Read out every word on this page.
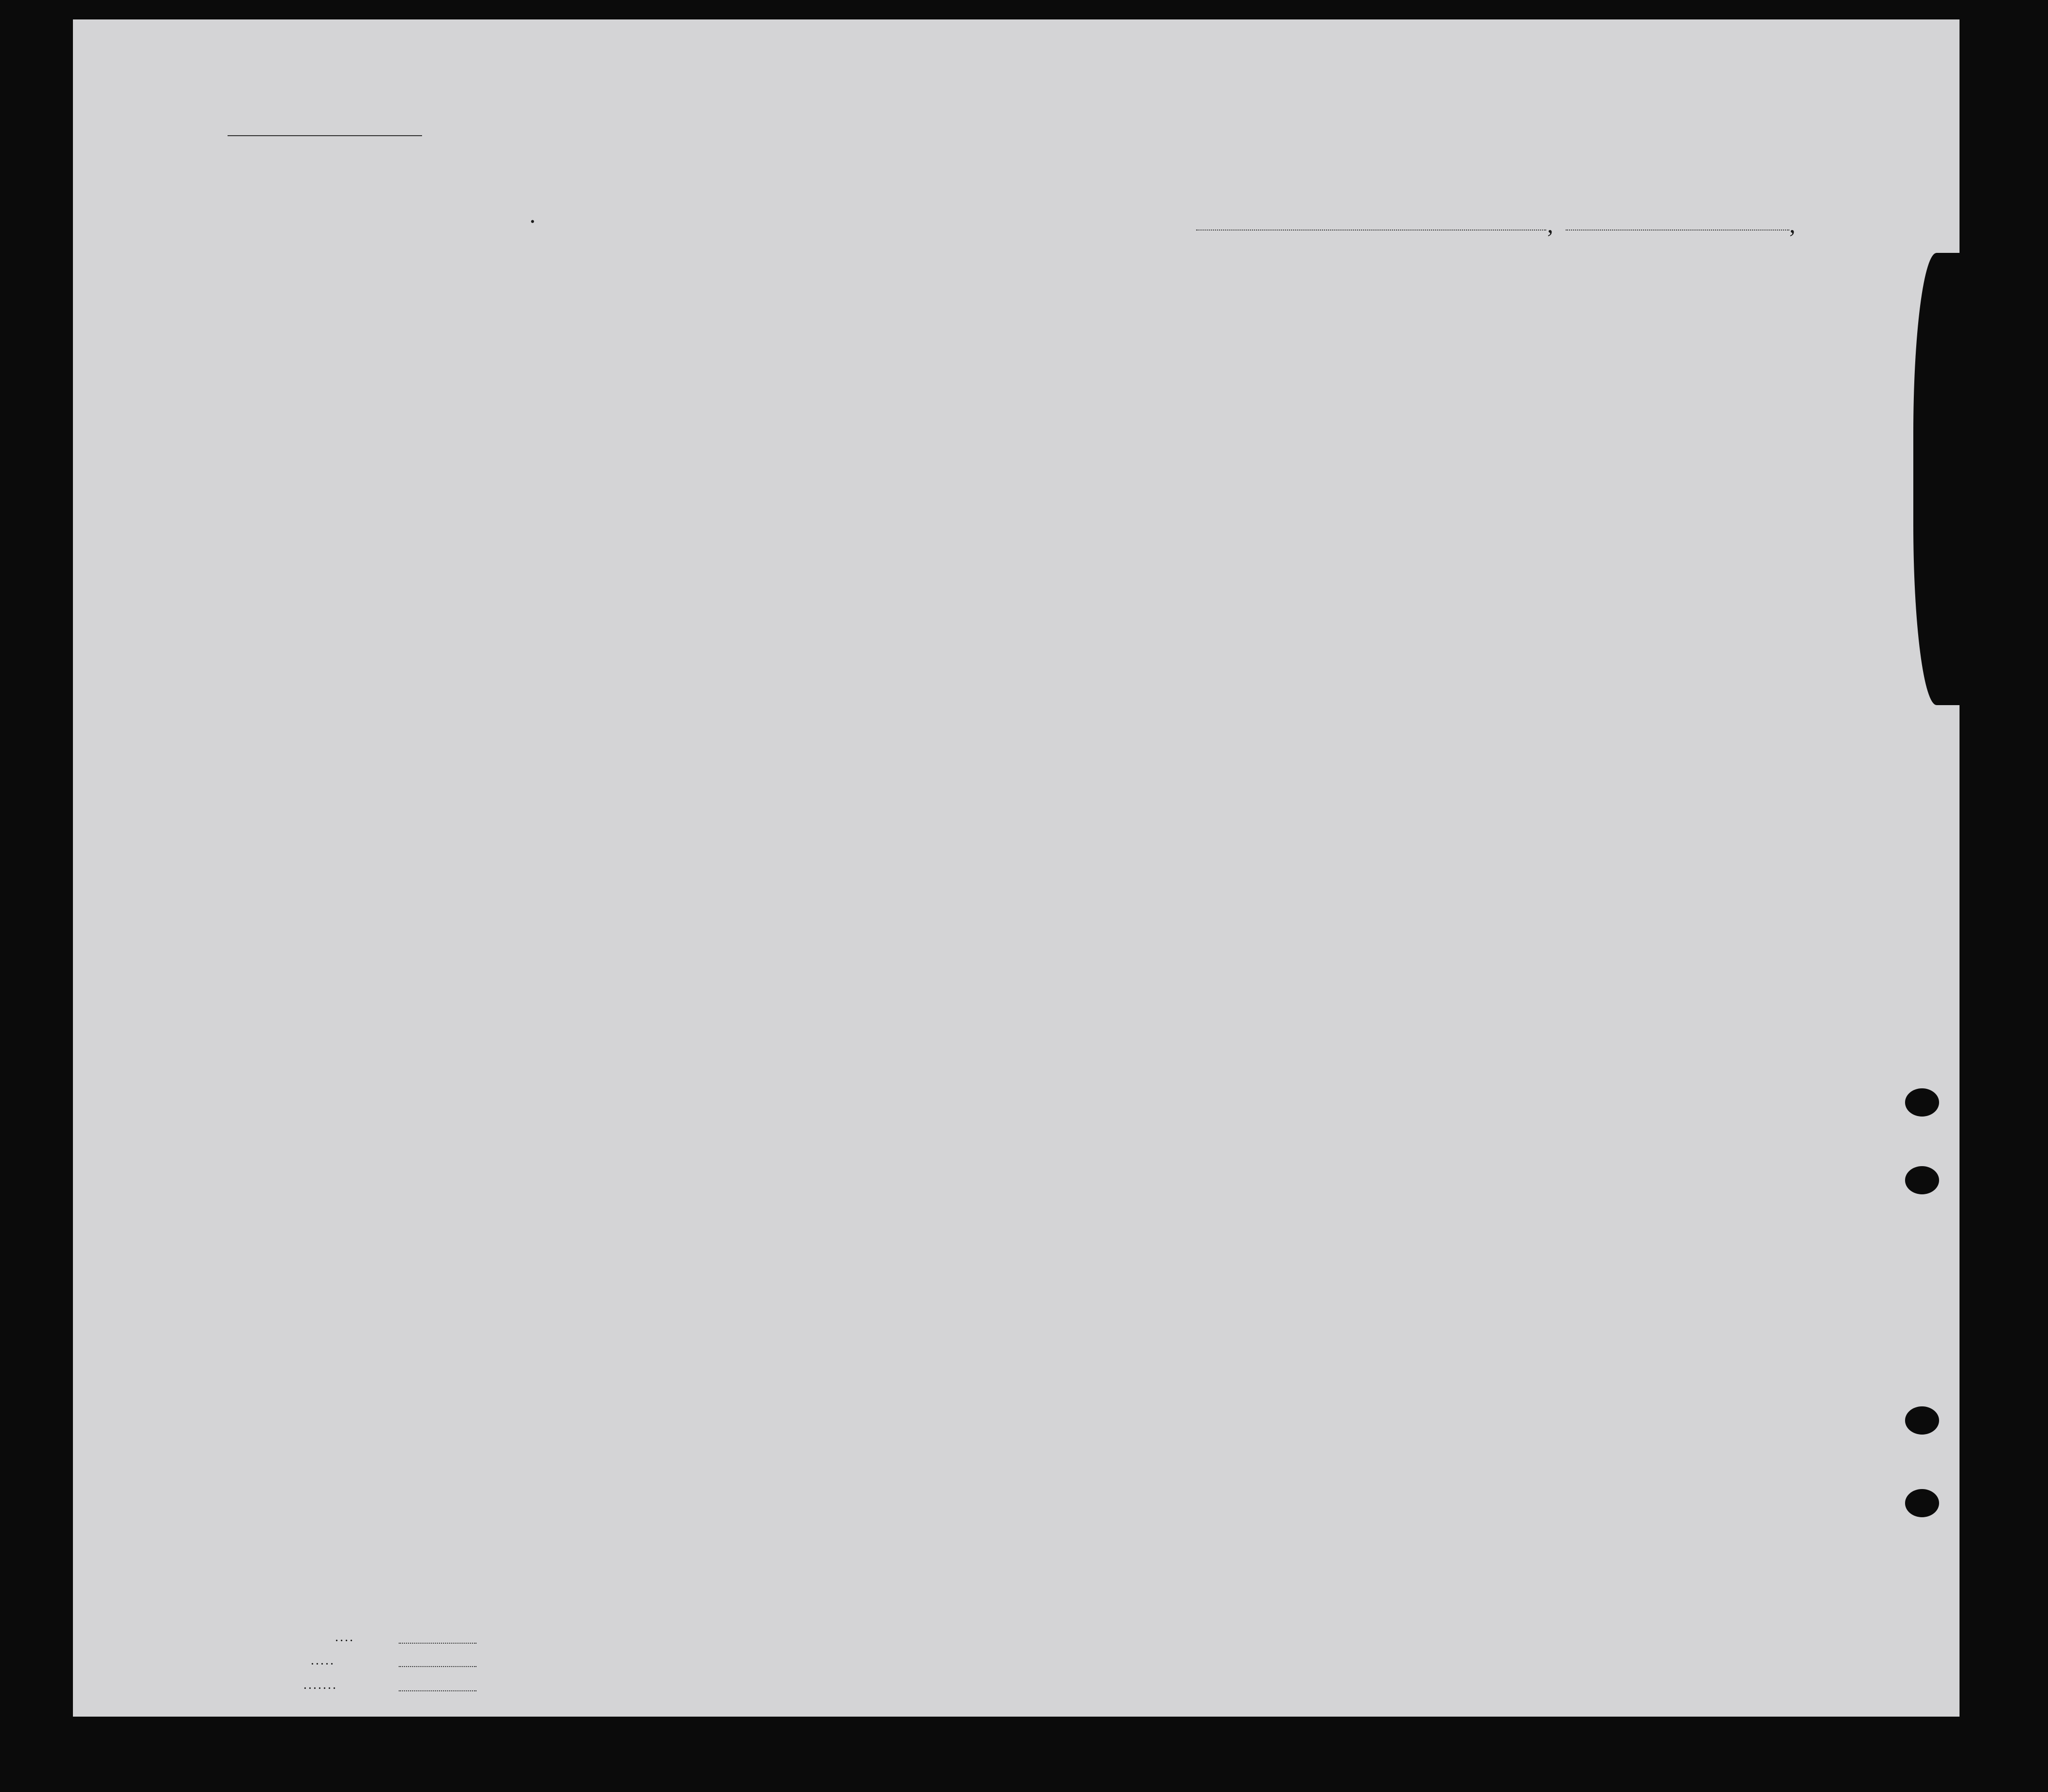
.	,	,
. . . .
. . . . .
. . . . . . .
